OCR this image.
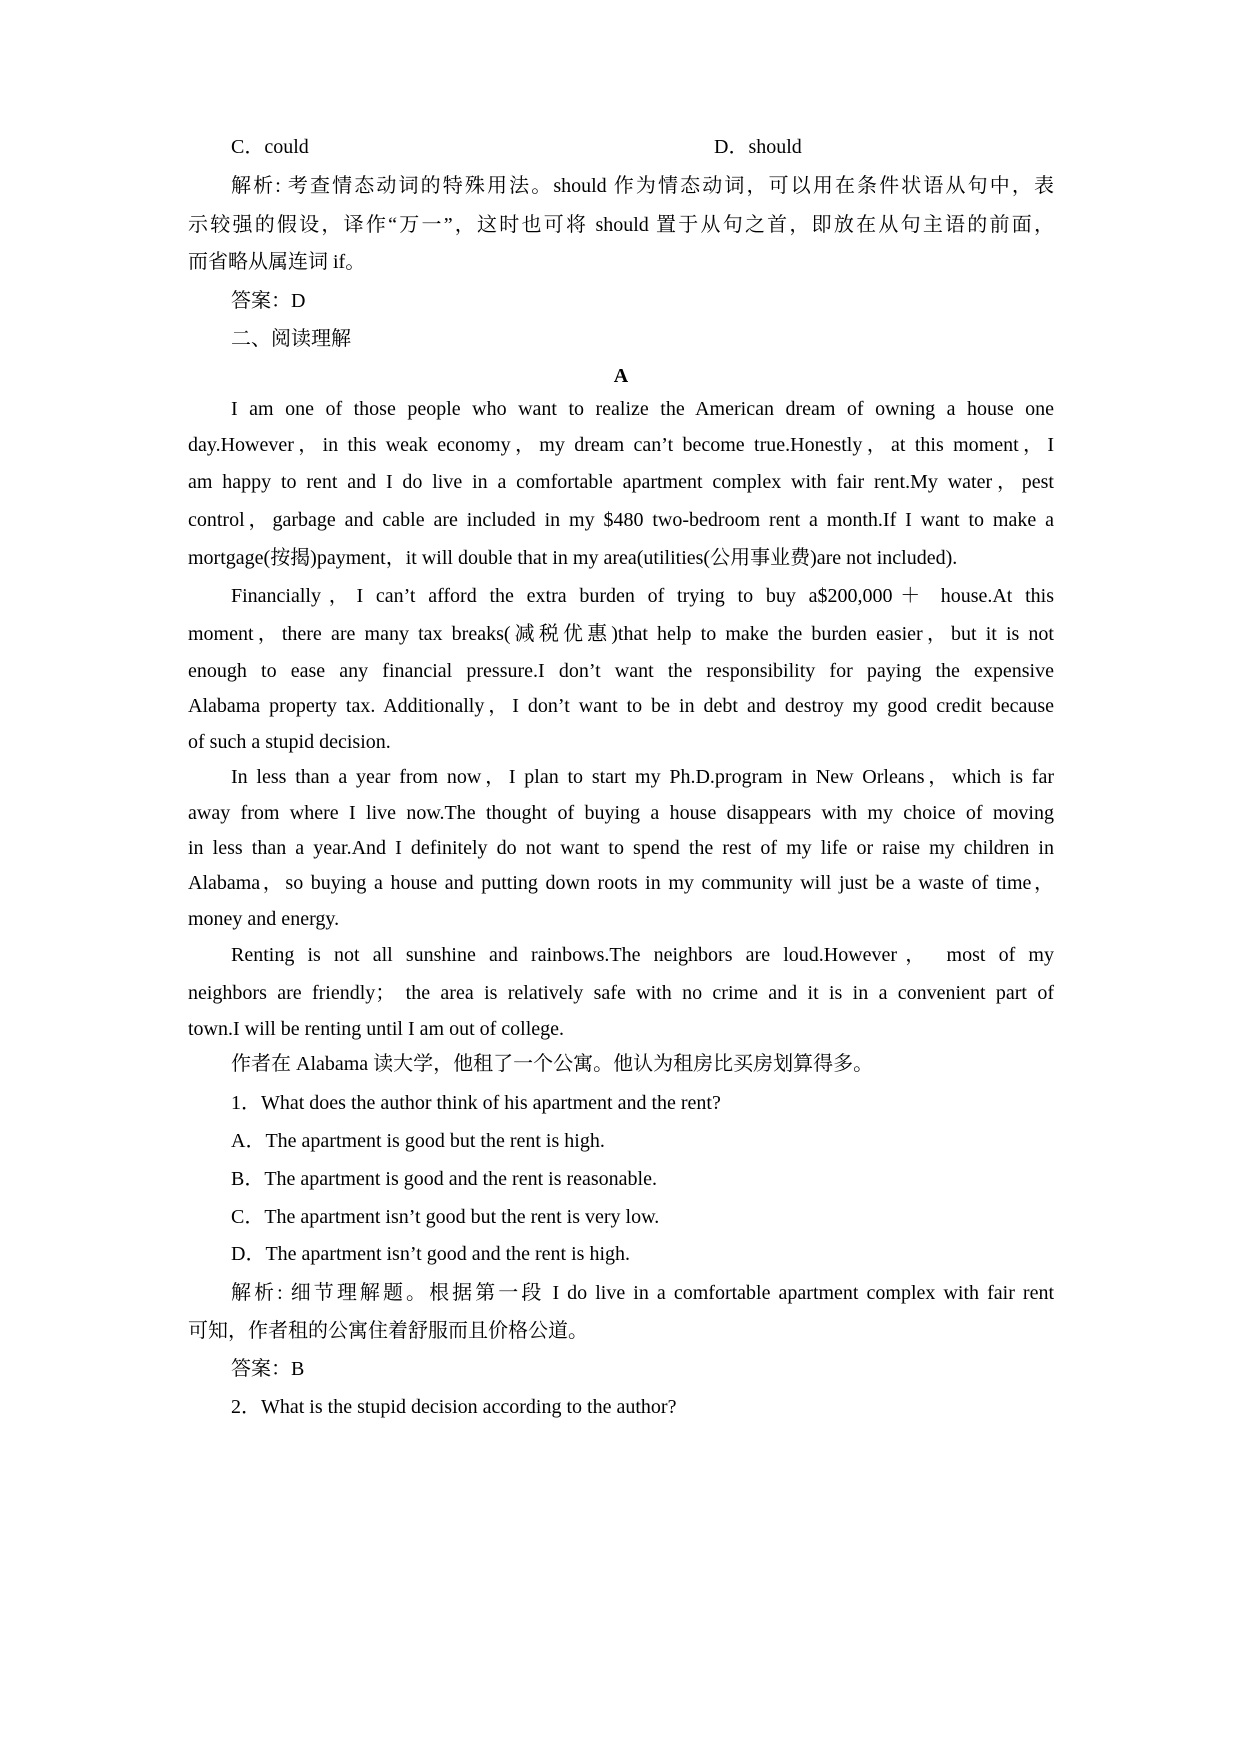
C．could	D．should
解析: 考查情态动词的特殊用法。should 作为情态动词，可以用在条件状语从句中，表
示较强的假设，译作“万一”，这时也可将 should 置于从句之首，即放在从句主语的前面，
而省略从属连词 if。
答案：D
二、阅读理解
A
I am one of those people who want to realize the American dream of owning a house one
day.However，in this weak economy，my dream can’t become true.Honestly，at this moment，I
am happy to rent and I do live in a comfortable apartment complex with fair rent.My water，pest
control，garbage and cable are included in my $480 two-bedroom rent a month.If I want to make a
mortgage(按揭)payment，it will double that in my area(utilities(公用事业费)are not included).
Financially，I can’t afford the extra burden of trying to buy a$200,000＋ house.At this
moment，there are many tax breaks(减税优惠)that help to make the burden easier，but it is not
enough to ease any financial pressure.I don’t want the responsibility for paying the expensive
Alabama property tax. Additionally，I don’t want to be in debt and destroy my good credit because
of such a stupid decision.
In less than a year from now，I plan to start my Ph.D.program in New Orleans，which is far
away from where I live now.The thought of buying a house disappears with my choice of moving
in less than a year.And I definitely do not want to spend the rest of my life or raise my children in
Alabama，so buying a house and putting down roots in my community will just be a waste of time，
money and energy.
Renting is not all sunshine and rainbows.The neighbors are loud.However， most of my
neighbors are friendly； the area is relatively safe with no crime and it is in a convenient part of
town.I will be renting until I am out of college.
作者在 Alabama 读大学，他租了一个公寓。他认为租房比买房划算得多。
1．What does the author think of his apartment and the rent?
A．The apartment is good but the rent is high.
B．The apartment is good and the rent is reasonable.
C．The apartment isn’t good but the rent is very low.
D．The apartment isn’t good and the rent is high.
解析: 细节理解题。根据第一段 I do live in a comfortable apartment complex with fair rent
可知，作者租的公寓住着舒服而且价格公道。
答案：B
2．What is the stupid decision according to the author?
